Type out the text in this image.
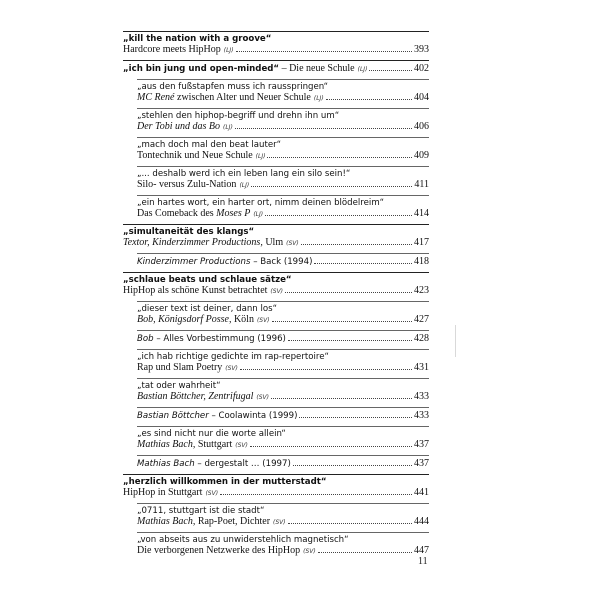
„kill the nation with a groove“
Hardcore meets HipHop (LJ)	393
„ich bin jung und open-minded“ – Die neue Schule (LJ)	402
„aus den fußstapfen muss ich rausspringen“
MC René zwischen Alter und Neuer Schule (LJ)	404
„stehlen den hiphop-begriff und drehn ihn um“
Der Tobi und das Bo (LJ)	406
„mach doch mal den beat lauter“
Tontechnik und Neue Schule (LJ)	409
„... deshalb werd ich ein leben lang ein silo sein!“
Silo- versus Zulu-Nation (LJ)	411
„ein hartes wort, ein harter ort, nimm deinen blödelreim“
Das Comeback des Moses P (LJ)	414
„simultaneität des klangs“
Textor, Kinderzimmer Productions, Ulm (SV)	417
Kinderzimmer Productions – Back (1994)	418
„schlaue beats und schlaue sätze“
HipHop als schöne Kunst betrachtet (SV)	423
„dieser text ist deiner, dann los“
Bob, Königsdorf Posse, Köln (SV)	427
Bob – Alles Vorbestimmung (1996)	428
„ich hab richtige gedichte im rap-repertoire“
Rap und Slam Poetry (SV)	431
„tat oder wahrheit“
Bastian Böttcher, Zentrifugal (SV)	433
Bastian Böttcher – Coolawinta (1999)	433
„es sind nicht nur die worte allein“
Mathias Bach, Stuttgart (SV)	437
Mathias Bach – dergestalt … (1997)	437
„herzlich willkommen in der mutterstadt“
HipHop in Stuttgart (SV)	441
„0711, stuttgart ist die stadt“
Mathias Bach, Rap-Poet, Dichter (SV)	444
„von abseits aus zu unwiderstehlich magnetisch“
Die verborgenen Netzwerke des HipHop (SV)	447
11
